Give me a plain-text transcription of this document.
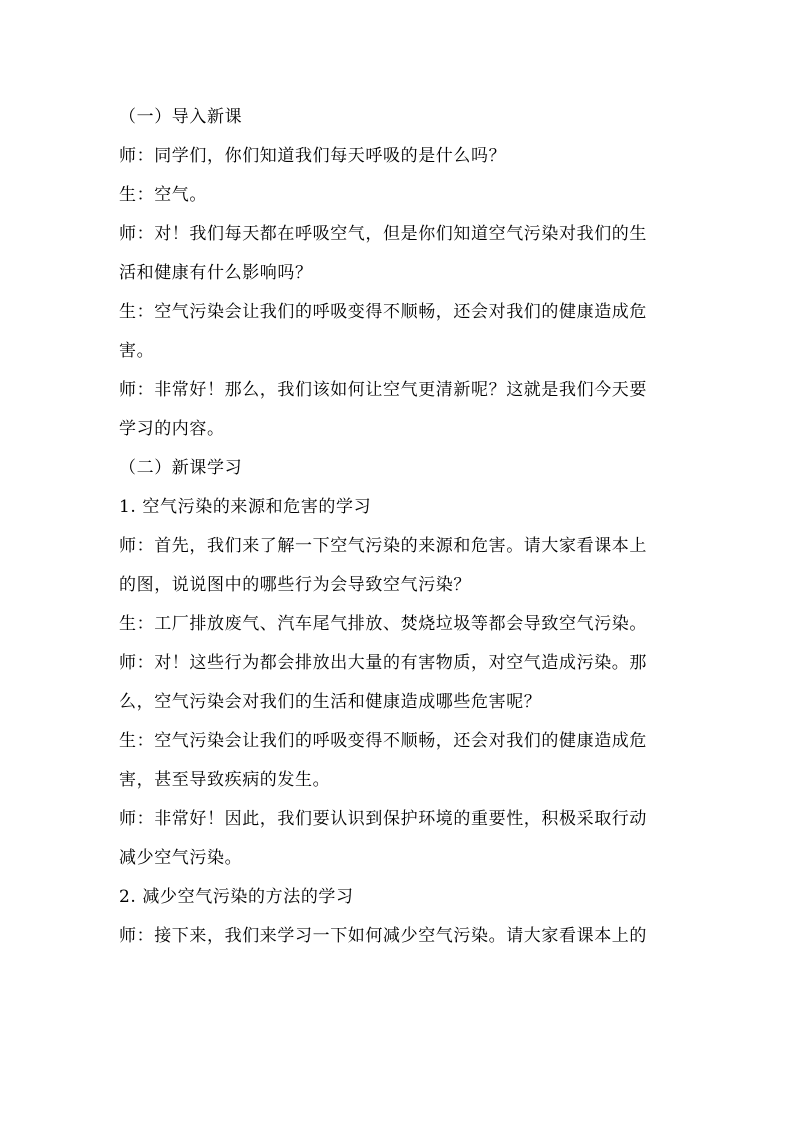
（一）导入新课
师：同学们，你们知道我们每天呼吸的是什么吗？
生：空气。
师：对！我们每天都在呼吸空气，但是你们知道空气污染对我们的生
活和健康有什么影响吗？
生：空气污染会让我们的呼吸变得不顺畅，还会对我们的健康造成危
害。
师：非常好！那么，我们该如何让空气更清新呢？这就是我们今天要
学习的内容。
（二）新课学习
1. 空气污染的来源和危害的学习
师：首先，我们来了解一下空气污染的来源和危害。请大家看课本上
的图，说说图中的哪些行为会导致空气污染？
生：工厂排放废气、汽车尾气排放、焚烧垃圾等都会导致空气污染。
师：对！这些行为都会排放出大量的有害物质，对空气造成污染。那
么，空气污染会对我们的生活和健康造成哪些危害呢？
生：空气污染会让我们的呼吸变得不顺畅，还会对我们的健康造成危
害，甚至导致疾病的发生。
师：非常好！因此，我们要认识到保护环境的重要性，积极采取行动
减少空气污染。
2. 减少空气污染的方法的学习
师：接下来，我们来学习一下如何减少空气污染。请大家看课本上的
